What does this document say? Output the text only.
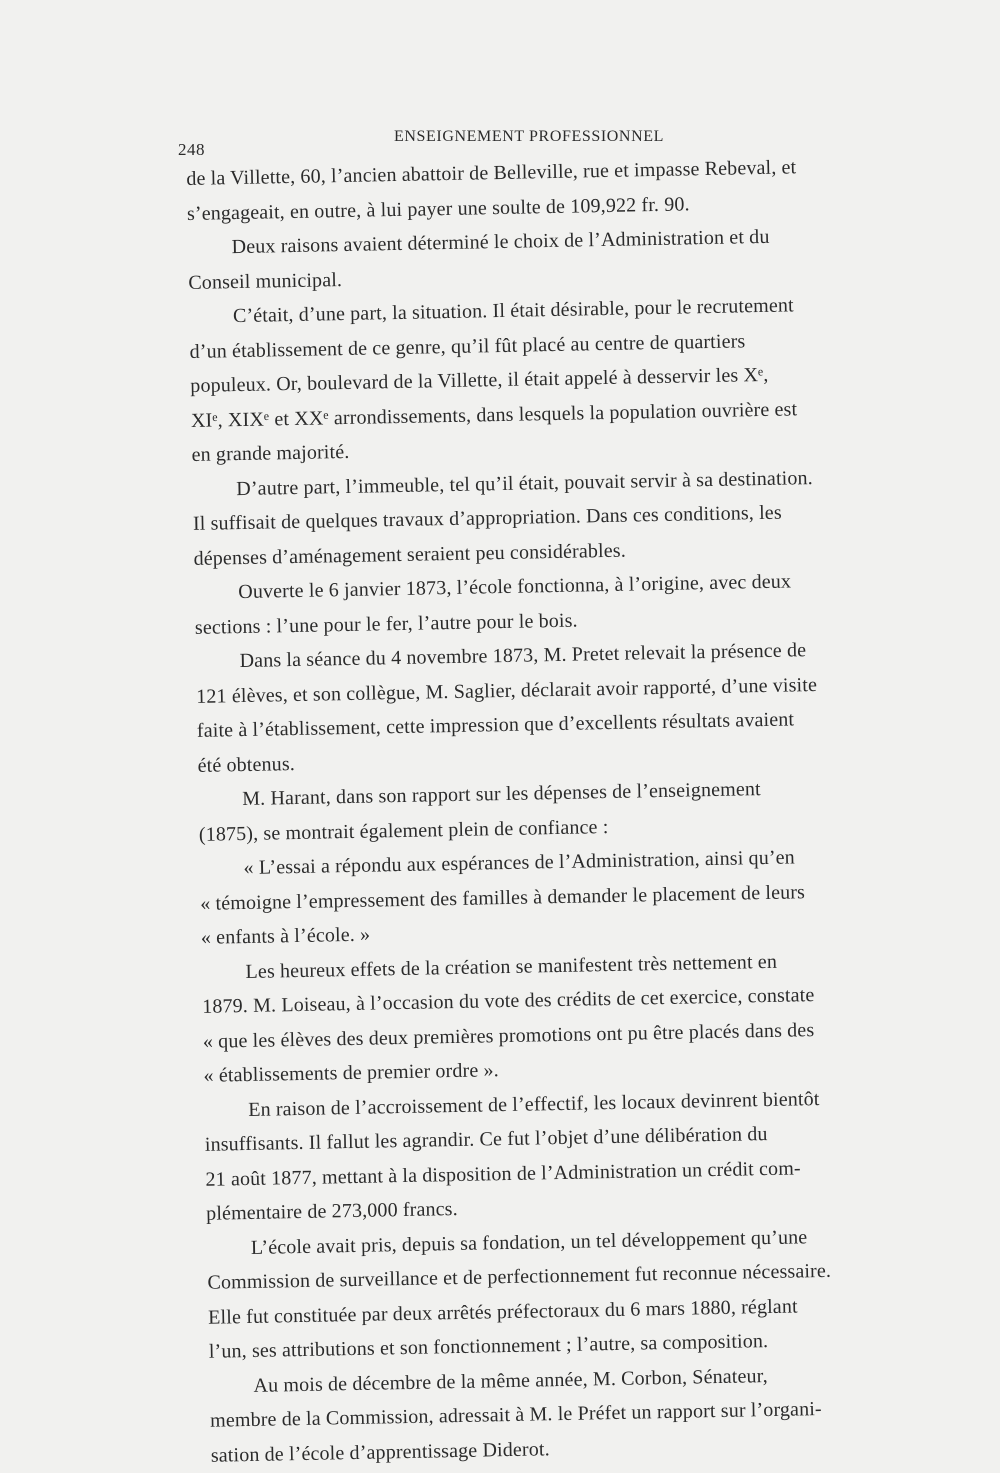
248
ENSEIGNEMENT PROFESSIONNEL
de la Villette, 60, l’ancien abattoir de Belleville, rue et impasse Rebeval, et
s’engageait, en outre, à lui payer une soulte de 109,922 fr. 90.
Deux raisons avaient déterminé le choix de l’Administration et du
Conseil municipal.
C’était, d’une part, la situation. Il était désirable, pour le recrutement
d’un établissement de ce genre, qu’il fût placé au centre de quartiers
populeux. Or, boulevard de la Villette, il était appelé à desservir les Xᵉ,
XIᵉ, XIXᵉ et XXᵉ arrondissements, dans lesquels la population ouvrière est
en grande majorité.
D’autre part, l’immeuble, tel qu’il était, pouvait servir à sa destination.
Il suffisait de quelques travaux d’appropriation. Dans ces conditions, les
dépenses d’aménagement seraient peu considérables.
Ouverte le 6 janvier 1873, l’école fonctionna, à l’origine, avec deux
sections : l’une pour le fer, l’autre pour le bois.
Dans la séance du 4 novembre 1873, M. Pretet relevait la présence de
121 élèves, et son collègue, M. Saglier, déclarait avoir rapporté, d’une visite
faite à l’établissement, cette impression que d’excellents résultats avaient
été obtenus.
M. Harant, dans son rapport sur les dépenses de l’enseignement
(1875), se montrait également plein de confiance :
« L’essai a répondu aux espérances de l’Administration, ainsi qu’en
« témoigne l’empressement des familles à demander le placement de leurs
« enfants à l’école. »
Les heureux effets de la création se manifestent très nettement en
1879. M. Loiseau, à l’occasion du vote des crédits de cet exercice, constate
« que les élèves des deux premières promotions ont pu être placés dans des
« établissements de premier ordre ».
En raison de l’accroissement de l’effectif, les locaux devinrent bientôt
insuffisants. Il fallut les agrandir. Ce fut l’objet d’une délibération du
21 août 1877, mettant à la disposition de l’Administration un crédit com-
plémentaire de 273,000 francs.
L’école avait pris, depuis sa fondation, un tel développement qu’une
Commission de surveillance et de perfectionnement fut reconnue nécessaire.
Elle fut constituée par deux arrêtés préfectoraux du 6 mars 1880, réglant
l’un, ses attributions et son fonctionnement ; l’autre, sa composition.
Au mois de décembre de la même année, M. Corbon, Sénateur,
membre de la Commission, adressait à M. le Préfet un rapport sur l’organi-
sation de l’école d’apprentissage Diderot.
